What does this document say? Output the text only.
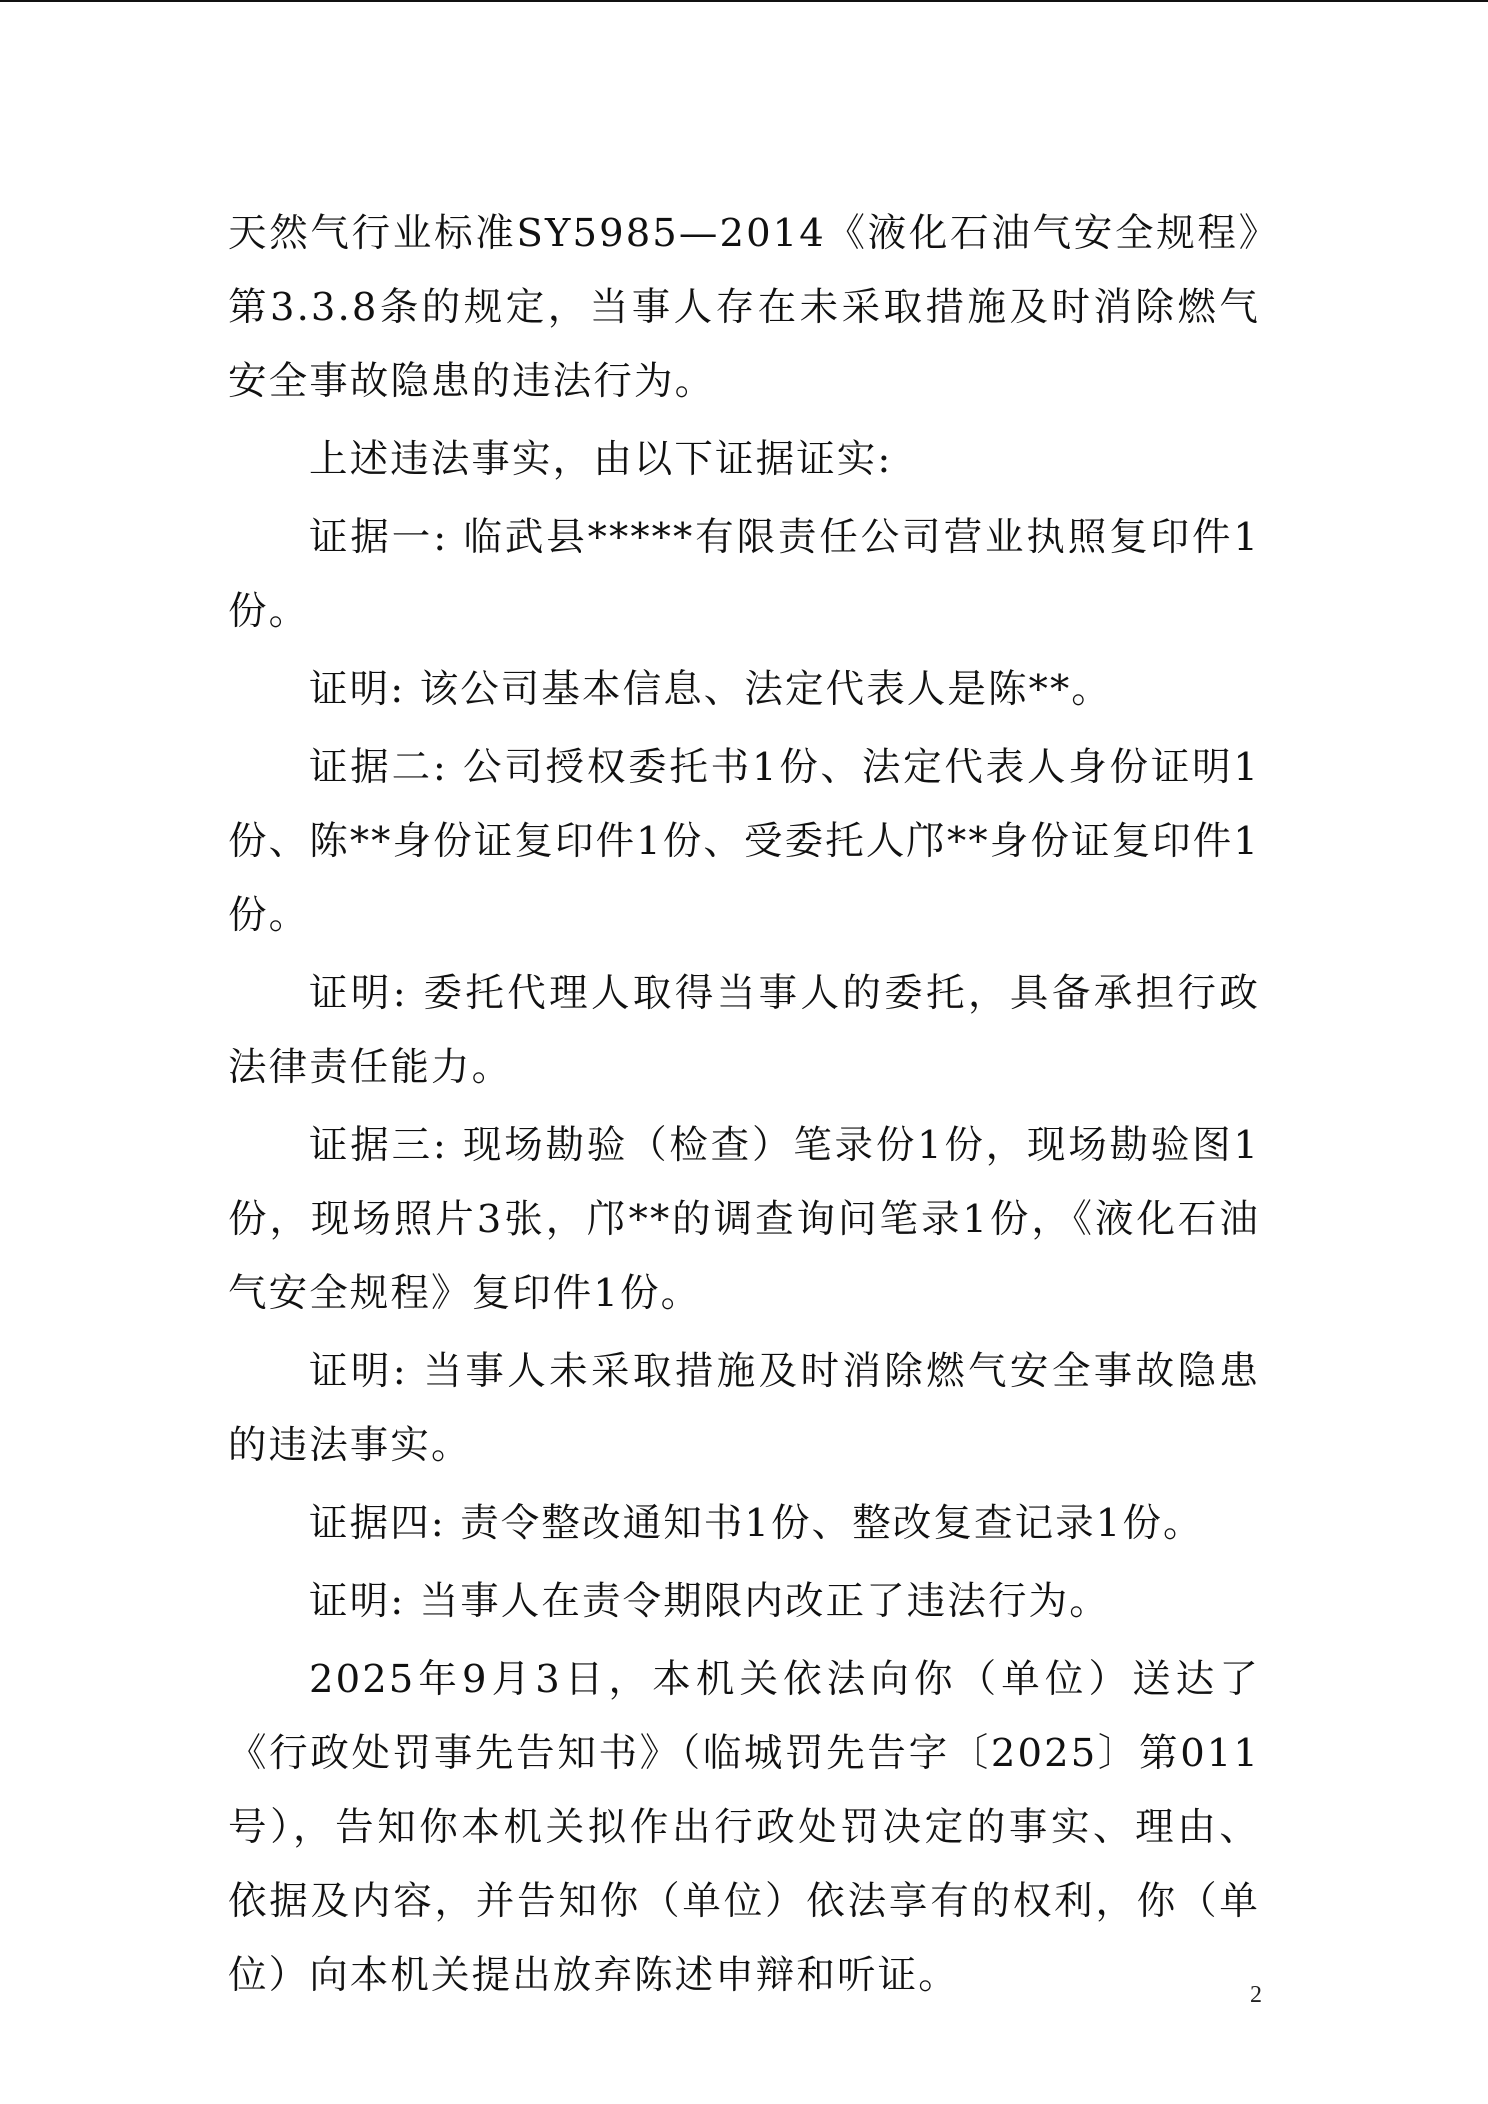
天然气行业标准SY5985—2014《液化石油气安全规程》第3.3.8条的规定，当事人存在未采取措施及时消除燃气安全事故隐患的违法行为。

上述违法事实，由以下证据证实:

证据一: 临武县*****有限责任公司营业执照复印件1份。

证明: 该公司基本信息、法定代表人是陈**。

证据二: 公司授权委托书1份、法定代表人身份证明1份、陈**身份证复印件1份、受委托人邝**身份证复印件1份。

证明: 委托代理人取得当事人的委托，具备承担行政法律责任能力。

证据三: 现场勘验（检查）笔录份1份，现场勘验图1份，现场照片3张，邝**的调查询问笔录1份，《液化石油气安全规程》复印件1份。

证明: 当事人未采取措施及时消除燃气安全事故隐患的违法事实。

证据四: 责令整改通知书1份、整改复查记录1份。

证明: 当事人在责令期限内改正了违法行为。

2025年9月3日，本机关依法向你（单位）送达了《行政处罚事先告知书》（临城罚先告字〔2025〕第011号），告知你本机关拟作出行政处罚决定的事实、理由、依据及内容，并告知你（单位）依法享有的权利，你（单位）向本机关提出放弃陈述申辩和听证。	2
